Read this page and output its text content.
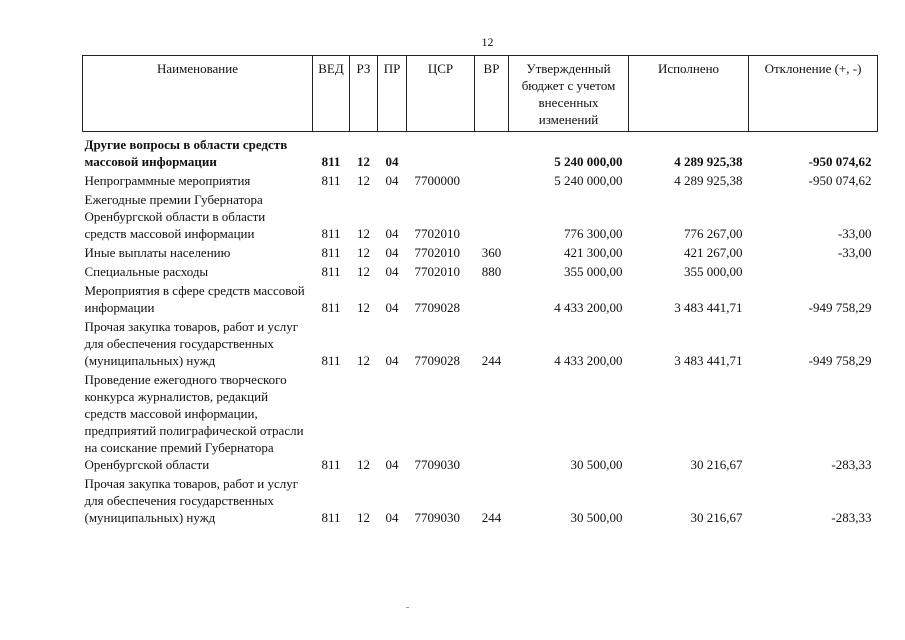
12
Наименование	ВЕД	РЗ	ПР	ЦСР	ВР	Утвержденный бюджет с учетом внесенных изменений	Исполнено	Отклонение (+, -)
Другие вопросы в области средств массовой информации	811	12	04			5 240 000,00	4 289 925,38	-950 074,62
Непрограммные мероприятия	811	12	04	7700000		5 240 000,00	4 289 925,38	-950 074,62
Ежегодные премии Губернатора Оренбургской области в области средств массовой информации	811	12	04	7702010		776 300,00	776 267,00	-33,00
Иные выплаты населению	811	12	04	7702010	360	421 300,00	421 267,00	-33,00
Специальные расходы	811	12	04	7702010	880	355 000,00	355 000,00	
Мероприятия в сфере средств массовой информации	811	12	04	7709028		4 433 200,00	3 483 441,71	-949 758,29
Прочая закупка товаров, работ и услуг для обеспечения государственных (муниципальных) нужд	811	12	04	7709028	244	4 433 200,00	3 483 441,71	-949 758,29
Проведение ежегодного творческого конкурса журналистов, редакций средств массовой информации, предприятий полиграфической отрасли на соискание премий Губернатора Оренбургской области	811	12	04	7709030		30 500,00	30 216,67	-283,33
Прочая закупка товаров, работ и услуг для обеспечения государственных (муниципальных) нужд	811	12	04	7709030	244	30 500,00	30 216,67	-283,33
